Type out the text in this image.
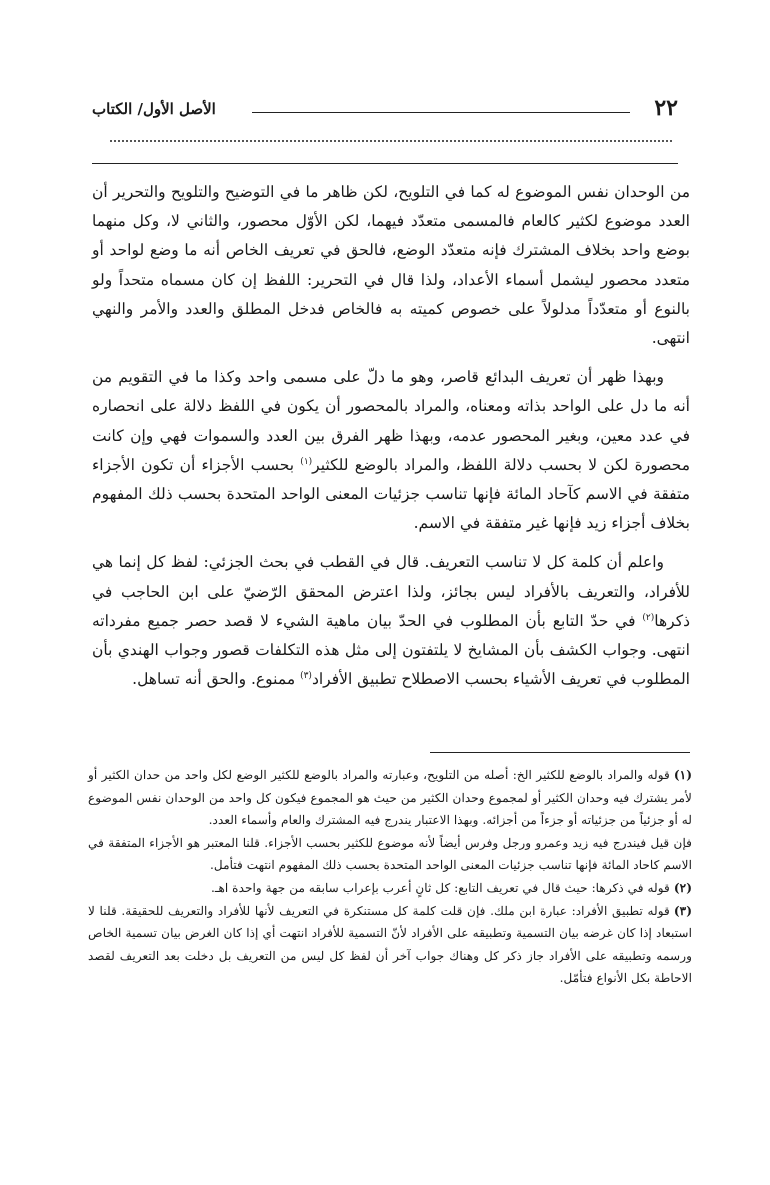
٢٢
الأصل الأول/ الكتاب

من الوحدان نفس الموضوع له كما في التلويح، لكن ظاهر ما في التوضيح والتلويح والتحرير أن العدد موضوع لكثير كالعام فالمسمى متعدّد فيهما، لكن الأوّل محصور، والثاني لا، وكل منهما بوضع واحد بخلاف المشترك فإنه متعدّد الوضع، فالحق في تعريف الخاص أنه ما وضع لواحد أو متعدد محصور ليشمل أسماء الأعداد، ولذا قال في التحرير: اللفظ إن كان مسماه متحداً ولو بالنوع أو متعدّداً مدلولاً على خصوص كميته به فالخاص فدخل المطلق والعدد والأمر والنهي انتهى.

وبهذا ظهر أن تعريف البدائع قاصر، وهو ما دلّ على مسمى واحد وكذا ما في التقويم من أنه ما دل على الواحد بذاته ومعناه، والمراد بالمحصور أن يكون في اللفظ دلالة على انحصاره في عدد معين، وبغير المحصور عدمه، وبهذا ظهر الفرق بين العدد والسموات فهي وإن كانت محصورة لكن لا بحسب دلالة اللفظ، والمراد بالوضع للكثير$^{(١)}$ بحسب الأجزاء أن تكون الأجزاء متفقة في الاسم كآحاد المائة فإنها تناسب جزئيات المعنى الواحد المتحدة بحسب ذلك المفهوم بخلاف أجزاء زيد فإنها غير متفقة في الاسم.

واعلم أن كلمة كل لا تناسب التعريف. قال في القطب في بحث الجزئي: لفظ كل إنما هي للأفراد، والتعريف بالأفراد ليس بجائز، ولذا اعترض المحقق الرّضيّ على ابن الحاجب في ذكرها$^{(٢)}$ في حدّ التابع بأن المطلوب في الحدّ بيان ماهية الشيء لا قصد حصر جميع مفرداته انتهى. وجواب الكشف بأن المشايخ لا يلتفتون إلى مثل هذه التكلفات قصور وجواب الهندي بأن المطلوب في تعريف الأشياء بحسب الاصطلاح تطبيق الأفراد$^{(٣)}$ ممنوع. والحق أنه تساهل.

(١)قوله والمراد بالوضع للكثير الخ: أصله من التلويح، وعبارته والمراد بالوضع للكثير الوضع لكل واحد من حدان الكثير أو لأمر يشترك فيه وحدان الكثير أو لمجموع وحدان الكثير من حيث هو المجموع فيكون كل واحد من الوحدان نفس الموضوع له أو جزئياً من جزئياته أو جزءاً من أجزائه. وبهذا الاعتبار يندرج فيه المشترك والعام وأسماء العدد.

فإن قيل فيندرج فيه زيد وعمرو ورجل وفرس أيضاً لأنه موضوع للكثير بحسب الأجزاء. قلنا المعتبر هو الأجزاء المتفقة في الاسم كاحاد المائة فإنها تناسب جزئيات المعنى الواحد المتحدة بحسب ذلك المفهوم انتهت فتأمل.

(٢)قوله في ذكرها: حيث قال في تعريف التابع: كل ثانٍ أعرب بإعراب سابقه من جهة واحدة اهـ.

(٣)قوله تطبيق الأفراد: عبارة ابن ملك. فإن قلت كلمة كل مستنكرة في التعريف لأنها للأفراد والتعريف للحقيقة. قلنا لا استبعاد إذا كان غرضه بيان التسمية وتطبيقه على الأفراد لأنّ التسمية للأفراد انتهت أي إذا كان الغرض بيان تسمية الخاص ورسمه وتطبيقه على الأفراد جاز ذكر كل وهناك جواب آخر أن لفظ كل ليس من التعريف بل دخلت بعد التعريف لقصد الاحاطة بكل الأنواع فتأمّل.
